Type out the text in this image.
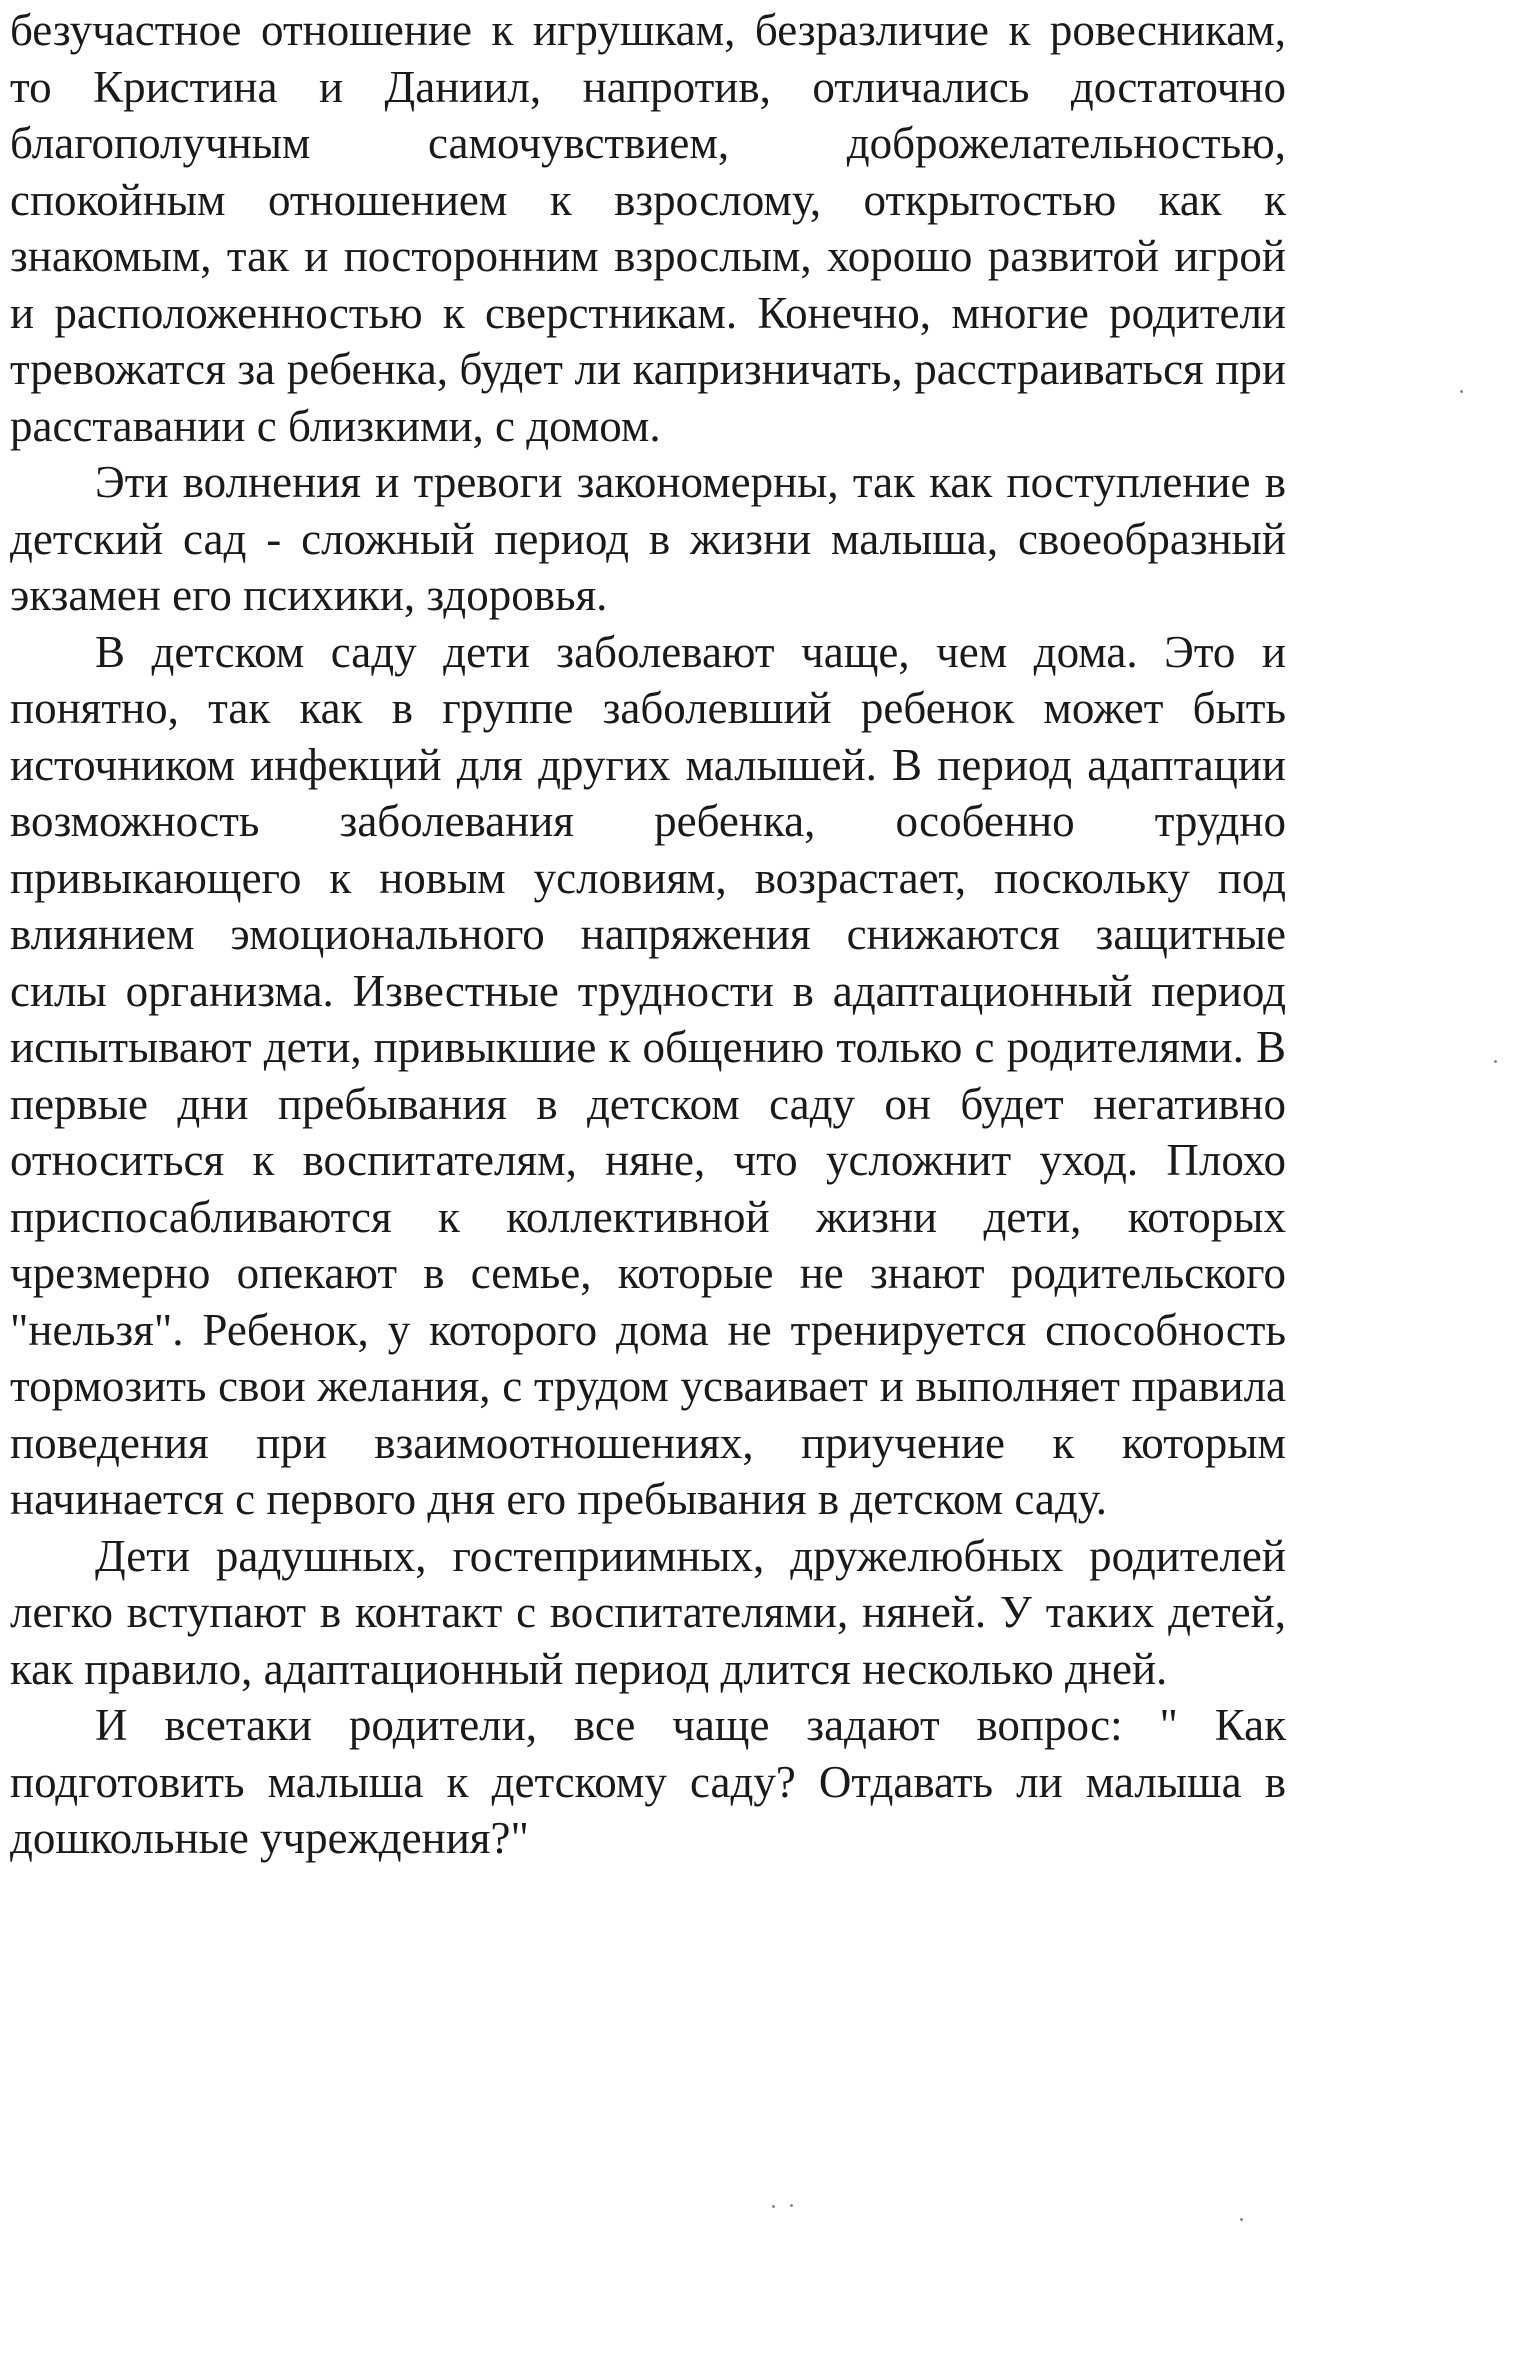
безучастное отношение к игрушкам, безразличие к ровесникам, то Кристина и Даниил, напротив, отличались достаточно благополучным самочувствием, доброжелательностью, спокойным отношением к взрослому, открытостью как к знакомым, так и посторонним взрослым, хорошо развитой игрой и расположенностью к сверстникам. Конечно, многие родители тревожатся за ребенка, будет ли капризничать, расстраиваться при расставании с близкими, с домом.

Эти волнения и тревоги закономерны, так как поступление в детский сад - сложный период в жизни малыша, своеобразный экзамен его психики, здоровья.

В детском саду дети заболевают чаще, чем дома. Это и понятно, так как в группе заболевший ребенок может быть источником инфекций для других малышей. В период адаптации возможность заболевания ребенка, особенно трудно привыкающего к новым условиям, возрастает, поскольку под влиянием эмоционального напряжения снижаются защитные силы организма. Известные трудности в адаптационный период испытывают дети, привыкшие к общению только с родителями. В первые дни пребывания в детском саду он будет негативно относиться к воспитателям, няне, что усложнит уход. Плохо приспосабливаются к коллективной жизни дети, которых чрезмерно опекают в семье, которые не знают родительского "нельзя". Ребенок, у которого дома не тренируется способность тормозить свои желания, с трудом усваивает и выполняет правила поведения при взаимоотношениях, приучение к которым начинается с первого дня его пребывания в детском саду.

Дети радушных, гостеприимных, дружелюбных родителей легко вступают в контакт с воспитателями, няней. У таких детей, как правило, адаптационный период длится несколько дней.

И всетаки родители, все чаще задают вопрос: " Как подготовить малыша к детскому саду? Отдавать ли малыша в дошкольные учреждения?"
